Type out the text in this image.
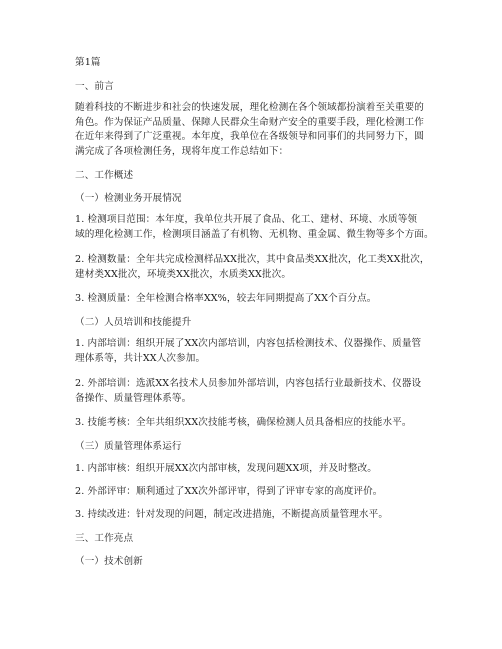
第1篇
一、前言
随着科技的不断进步和社会的快速发展，理化检测在各个领域都扮演着至关重要的
角色。作为保证产品质量、保障人民群众生命财产安全的重要手段，理化检测工作
在近年来得到了广泛重视。本年度，我单位在各级领导和同事们的共同努力下，圆
满完成了各项检测任务，现将年度工作总结如下：
二、工作概述
（一）检测业务开展情况
1. 检测项目范围：本年度，我单位共开展了食品、化工、建材、环境、水质等领
域的理化检测工作，检测项目涵盖了有机物、无机物、重金属、微生物等多个方面。
2. 检测数量：全年共完成检测样品XX批次，其中食品类XX批次，化工类XX批次，
建材类XX批次，环境类XX批次，水质类XX批次。
3. 检测质量：全年检测合格率XX%，较去年同期提高了XX个百分点。
（二）人员培训和技能提升
1. 内部培训：组织开展了XX次内部培训，内容包括检测技术、仪器操作、质量管
理体系等，共计XX人次参加。
2. 外部培训：选派XX名技术人员参加外部培训，内容包括行业最新技术、仪器设
备操作、质量管理体系等。
3. 技能考核：全年共组织XX次技能考核，确保检测人员具备相应的技能水平。
（三）质量管理体系运行
1. 内部审核：组织开展XX次内部审核，发现问题XX项，并及时整改。
2. 外部评审：顺利通过了XX次外部评审，得到了评审专家的高度评价。
3. 持续改进：针对发现的问题，制定改进措施，不断提高质量管理水平。
三、工作亮点
（一）技术创新
